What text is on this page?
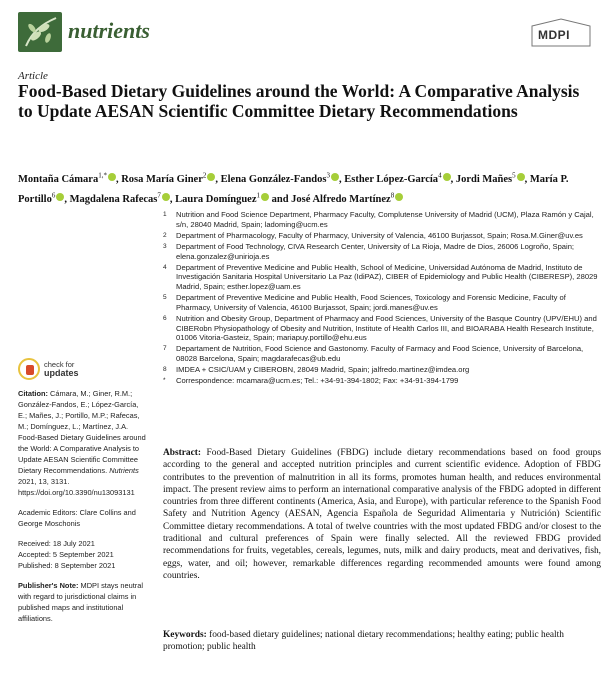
nutrients	MDPI
Article
Food-Based Dietary Guidelines around the World: A Comparative Analysis to Update AESAN Scientific Committee Dietary Recommendations
Montaña Cámara$^{1,*}$ , Rosa María Giner$^2$ , Elena González-Fandos$^3$ , Esther López-García$^4$ , Jordi Mañes$^5$ , María P. Portillo$^6$ , Magdalena Rafecas$^7$ , Laura Domínguez$^1$ and José Alfredo Martínez$^8$
1	Nutrition and Food Science Department, Pharmacy Faculty, Complutense University of Madrid (UCM), Plaza Ramón y Cajal, s/n, 28040 Madrid, Spain; ladoming@ucm.es
2	Department of Pharmacology, Faculty of Pharmacy, University of Valencia, 46100 Burjassot, Spain; Rosa.M.Giner@uv.es
3	Department of Food Technology, CIVA Research Center, University of La Rioja, Madre de Dios, 26006 Logroño, Spain; elena.gonzalez@unirioja.es
4	Department of Preventive Medicine and Public Health, School of Medicine, Universidad Autónoma de Madrid, Instituto de Investigación Sanitaria Hospital Universitario La Paz (IdiPAZ), CIBER of Epidemiology and Public Health (CIBERESP), 28029 Madrid, Spain; esther.lopez@uam.es
5	Department of Preventive Medicine and Public Health, Food Sciences, Toxicology and Forensic Medicine, Faculty of Pharmacy, University of Valencia, 46100 Burjassot, Spain; jordi.manes@uv.es
6	Nutrition and Obesity Group, Department of Pharmacy and Food Sciences, University of the Basque Country (UPV/EHU) and CIBERobn Physiopathology of Obesity and Nutrition, Institute of Health Carlos III, and BIOARABA Health Research Institute, 01006 Vitoria-Gasteiz, Spain; mariapuy.portillo@ehu.eus
7	Departament de Nutrition, Food Science and Gastonomy. Faculty of Farmacy and Food Science, University of Barcelona, 08028 Barcelona, Spain; magdarafecas@ub.edu
8	IMDEA + CSIC/UAM y CIBEROBN, 28049 Madrid, Spain; jalfredo.martinez@imdea.org
*	Correspondence: mcamara@ucm.es; Tel.: +34-91-394-1802; Fax: +34-91-394-1799
check for
updates
Citation: Cámara, M.; Giner, R.M.; González-Fandos, E.; López-García, E.; Mañes, J.; Portillo, M.P.; Rafecas, M.; Domínguez, L.; Martínez, J.A. Food-Based Dietary Guidelines around the World: A Comparative Analysis to Update AESAN Scientific Committee Dietary Recommendations. Nutrients 2021, 13, 3131. https://doi.org/10.3390/nu13093131
Academic Editors: Clare Collins and George Moschonis
Received: 18 July 2021
Accepted: 5 September 2021
Published: 8 September 2021
Publisher's Note: MDPI stays neutral with regard to jurisdictional claims in published maps and institutional affiliations.
Abstract: Food-Based Dietary Guidelines (FBDG) include dietary recommendations based on food groups according to the general and accepted nutrition principles and current scientific evidence. Adoption of FBDG contributes to the prevention of malnutrition in all its forms, promotes human health, and reduces environmental impact. The present review aims to perform an international comparative analysis of the FBDG adopted in different countries from three different continents (America, Asia, and Europe), with particular reference to the Spanish Food Safety and Nutrition Agency (AESAN, Agencia Española de Seguridad Alimentaria y Nutrición) Scientific Committee dietary recommendations. A total of twelve countries with the most updated FBDG and/or closest to the traditional and cultural preferences of Spain were finally selected. All the reviewed FBDG provided recommendations for fruits, vegetables, cereals, legumes, nuts, milk and dairy products, meat and derivatives, fish, eggs, water, and oil; however, remarkable differences regarding recommended amounts were found among countries.
Keywords: food-based dietary guidelines; national dietary recommendations; healthy eating; public health promotion; public health
